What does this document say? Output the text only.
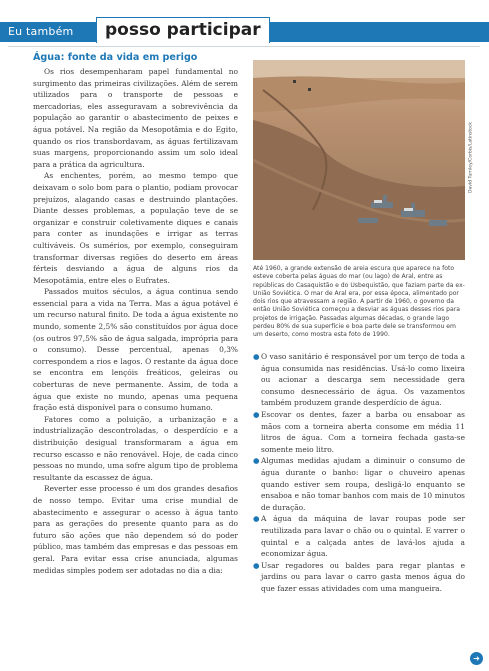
Eu também	posso participar
Água: fonte da vida em perigo

Os rios desempenharam papel fundamental no surgimento das primeiras civilizações. Além de serem utilizados para o transporte de pessoas e mercadorias, eles asseguravam a sobrevivência da população ao garantir o abastecimento de peixes e água potável. Na região da Mesopotâmia e do Egito, quando os rios transbordavam, as águas fertilizavam suas margens, proporcionando assim um solo ideal para a prática da agricultura.

As enchentes, porém, ao mesmo tempo que deixavam o solo bom para o plantio, podiam provocar prejuízos, alagando casas e destruindo plantações. Diante desses problemas, a população teve de se organizar e construir coletivamente diques e canais para conter as inundações e irrigar as terras cultiváveis. Os sumérios, por exemplo, conseguiram transformar diversas regiões do deserto em áreas férteis desviando a água de alguns rios da Mesopotâmia, entre eles o Eufrates.

Passados muitos séculos, a água continua sendo essencial para a vida na Terra. Mas a água potável é um recurso natural finito. De toda a água existente no mundo, somente 2,5% são constituídos por água doce (os outros 97,5% são de água salgada, imprópria para o consumo). Desse percentual, apenas 0,3% correspondem a rios e lagos. O restante da água doce se encontra em lençóis freáticos, geleiras ou coberturas de neve permanente. Assim, de toda a água que existe no mundo, apenas uma pequena fração está disponível para o consumo humano.

Fatores como a poluição, a urbanização e a industrialização descontroladas, o desperdício e a distribuição desigual transformaram a água em recurso escasso e não renovável. Hoje, de cada cinco pessoas no mundo, uma sofre algum tipo de problema resultante da escassez de água.

Reverter esse processo é um dos grandes desafios de nosso tempo. Evitar uma crise mundial de abastecimento e assegurar o acesso à água tanto para as gerações do presente quanto para as do futuro são ações que não dependem só do poder público, mas também das empresas e das pessoas em geral. Para evitar essa crise anunciada, algumas medidas simples podem ser adotadas no dia a dia:

David Turnley/Corbis/Latinstock
Até 1960, a grande extensão de areia escura que aparece na foto esteve coberta pelas águas do mar (ou lago) de Aral, entre as repúblicas do Casaquistão e do Usbequistão, que faziam parte da ex-União Soviética. O mar de Aral era, por essa época, alimentado por dois rios que atravessam a região. A partir de 1960, o governo da então União Soviética começou a desviar as águas desses rios para projetos de irrigação. Passadas algumas décadas, o grande lago perdeu 80% de sua superfície e boa parte dele se transformou em um deserto, como mostra esta foto de 1990.
● O vaso sanitário é responsável por um terço de toda a água consumida nas residências. Usá-lo como lixeira ou acionar a descarga sem necessidade gera consumo desnecessário de água. Os vazamentos também produzem grande desperdício de água.
● Escovar os dentes, fazer a barba ou ensaboar as mãos com a torneira aberta consome em média 11 litros de água. Com a torneira fechada gasta-se somente meio litro.
● Algumas medidas ajudam a diminuir o consumo de água durante o banho: ligar o chuveiro apenas quando estiver sem roupa, desligá-lo enquanto se ensaboa e não tomar banhos com mais de 10 minutos de duração.
● A água da máquina de lavar roupas pode ser reutilizada para lavar o chão ou o quintal. E varrer o quintal e a calçada antes de lavá-los ajuda a economizar água.
● Usar regadores ou baldes para regar plantas e jardins ou para lavar o carro gasta menos água do que fazer essas atividades com uma mangueira.
➜
